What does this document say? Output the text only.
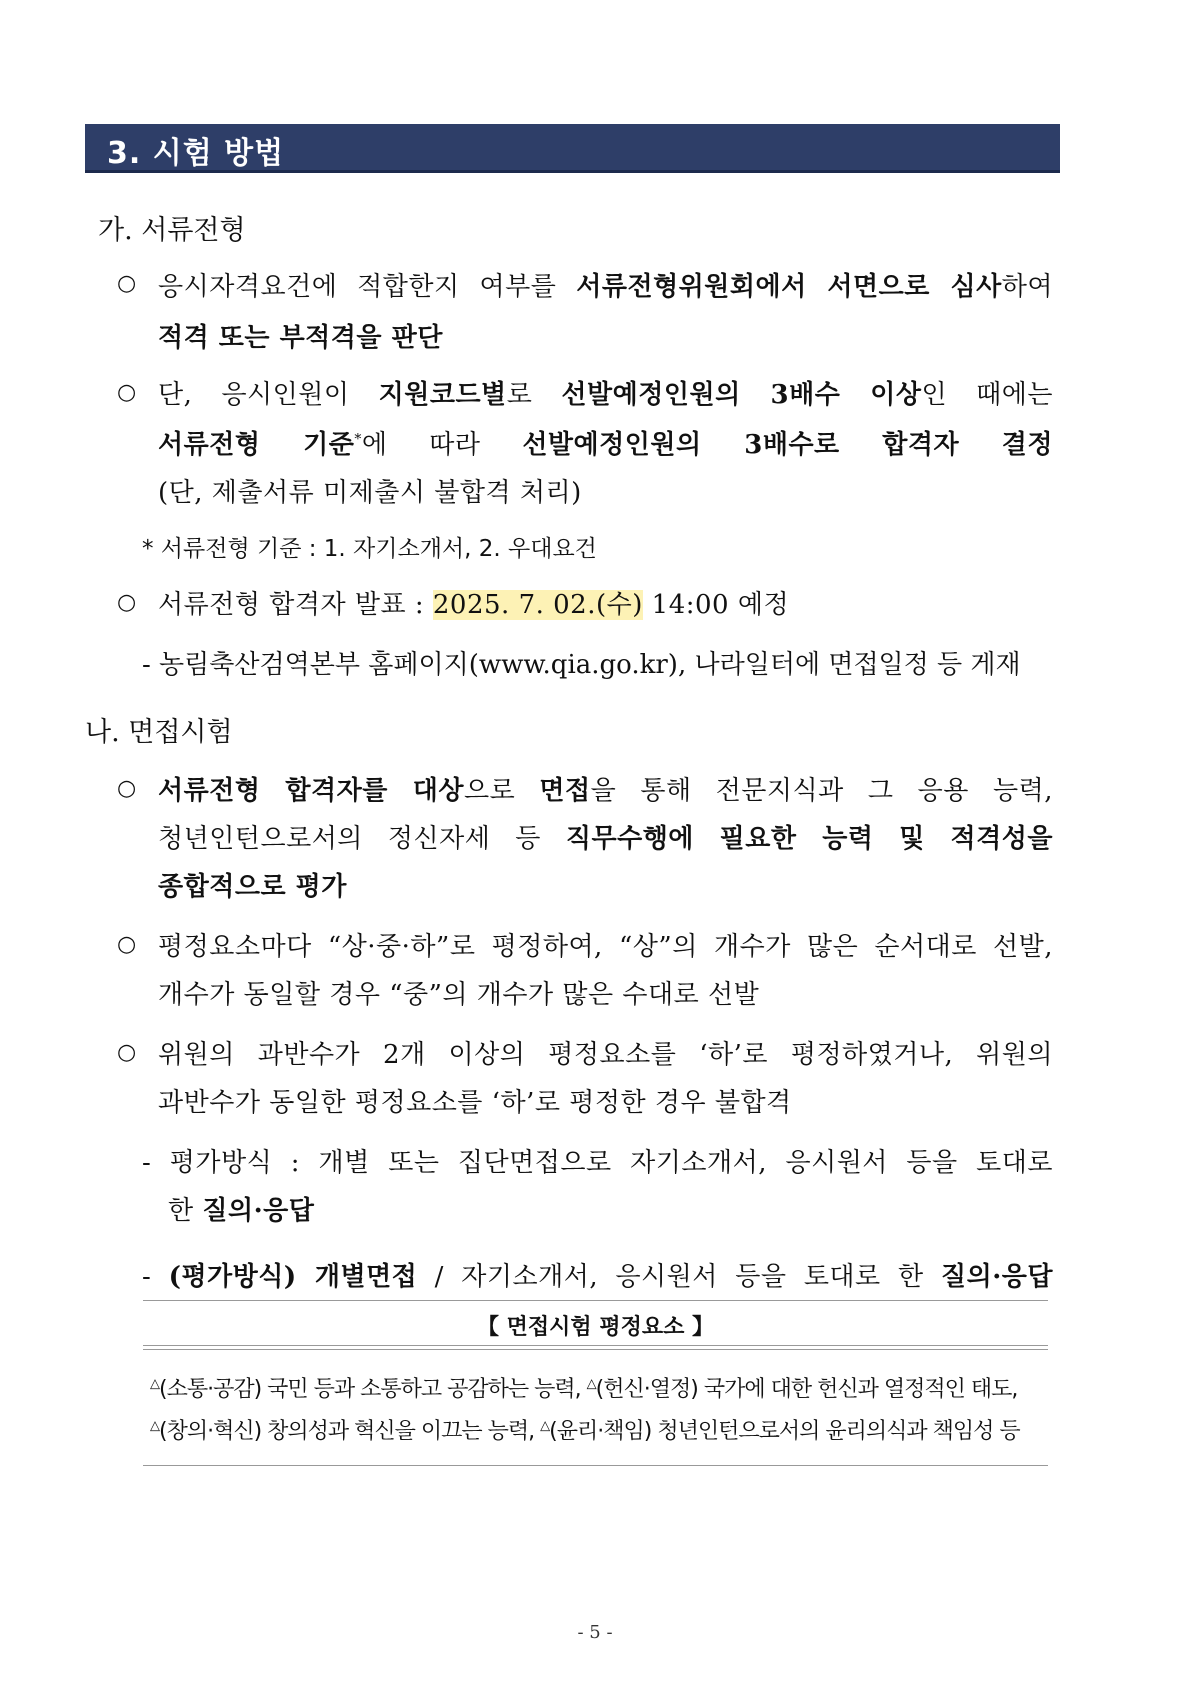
3. 시험 방법
가. 서류전형
○ 응시자격요건에 적합한지 여부를 서류전형위원회에서 서면으로 심사하여
적격 또는 부적격을 판단
○ 단, 응시인원이 지원코드별로 선발예정인원의 3배수 이상인 때에는
서류전형 기준*에 따라 선발예정인원의 3배수로 합격자 결정
(단, 제출서류 미제출시 불합격 처리)
* 서류전형 기준 : 1. 자기소개서, 2. 우대요건
○ 서류전형 합격자 발표 : 2025. 7. 02.(수) 14:00 예정
- 농림축산검역본부 홈페이지(www.qia.go.kr), 나라일터에 면접일정 등 게재
나. 면접시험
○ 서류전형 합격자를 대상으로 면접을 통해 전문지식과 그 응용 능력,
청년인턴으로서의 정신자세 등 직무수행에 필요한 능력 및 적격성을
종합적으로 평가
○ 평정요소마다 “상·중·하”로 평정하여, “상”의 개수가 많은 순서대로 선발,
개수가 동일할 경우 “중”의 개수가 많은 수대로 선발
○ 위원의 과반수가 2개 이상의 평정요소를 ‘하’로 평정하였거나, 위원의
과반수가 동일한 평정요소를 ‘하’로 평정한 경우 불합격
- 평가방식 : 개별 또는 집단면접으로 자기소개서, 응시원서 등을 토대로
한 질의·응답
- (평가방식) 개별면접 / 자기소개서, 응시원서 등을 토대로 한 질의·응답
【 면접시험 평정요소 】
△(소통·공감) 국민 등과 소통하고 공감하는 능력, △(헌신·열정) 국가에 대한 헌신과 열정적인 태도,
△(창의·혁신) 창의성과 혁신을 이끄는 능력, △(윤리·책임) 청년인턴으로서의 윤리의식과 책임성 등
- 5 -
